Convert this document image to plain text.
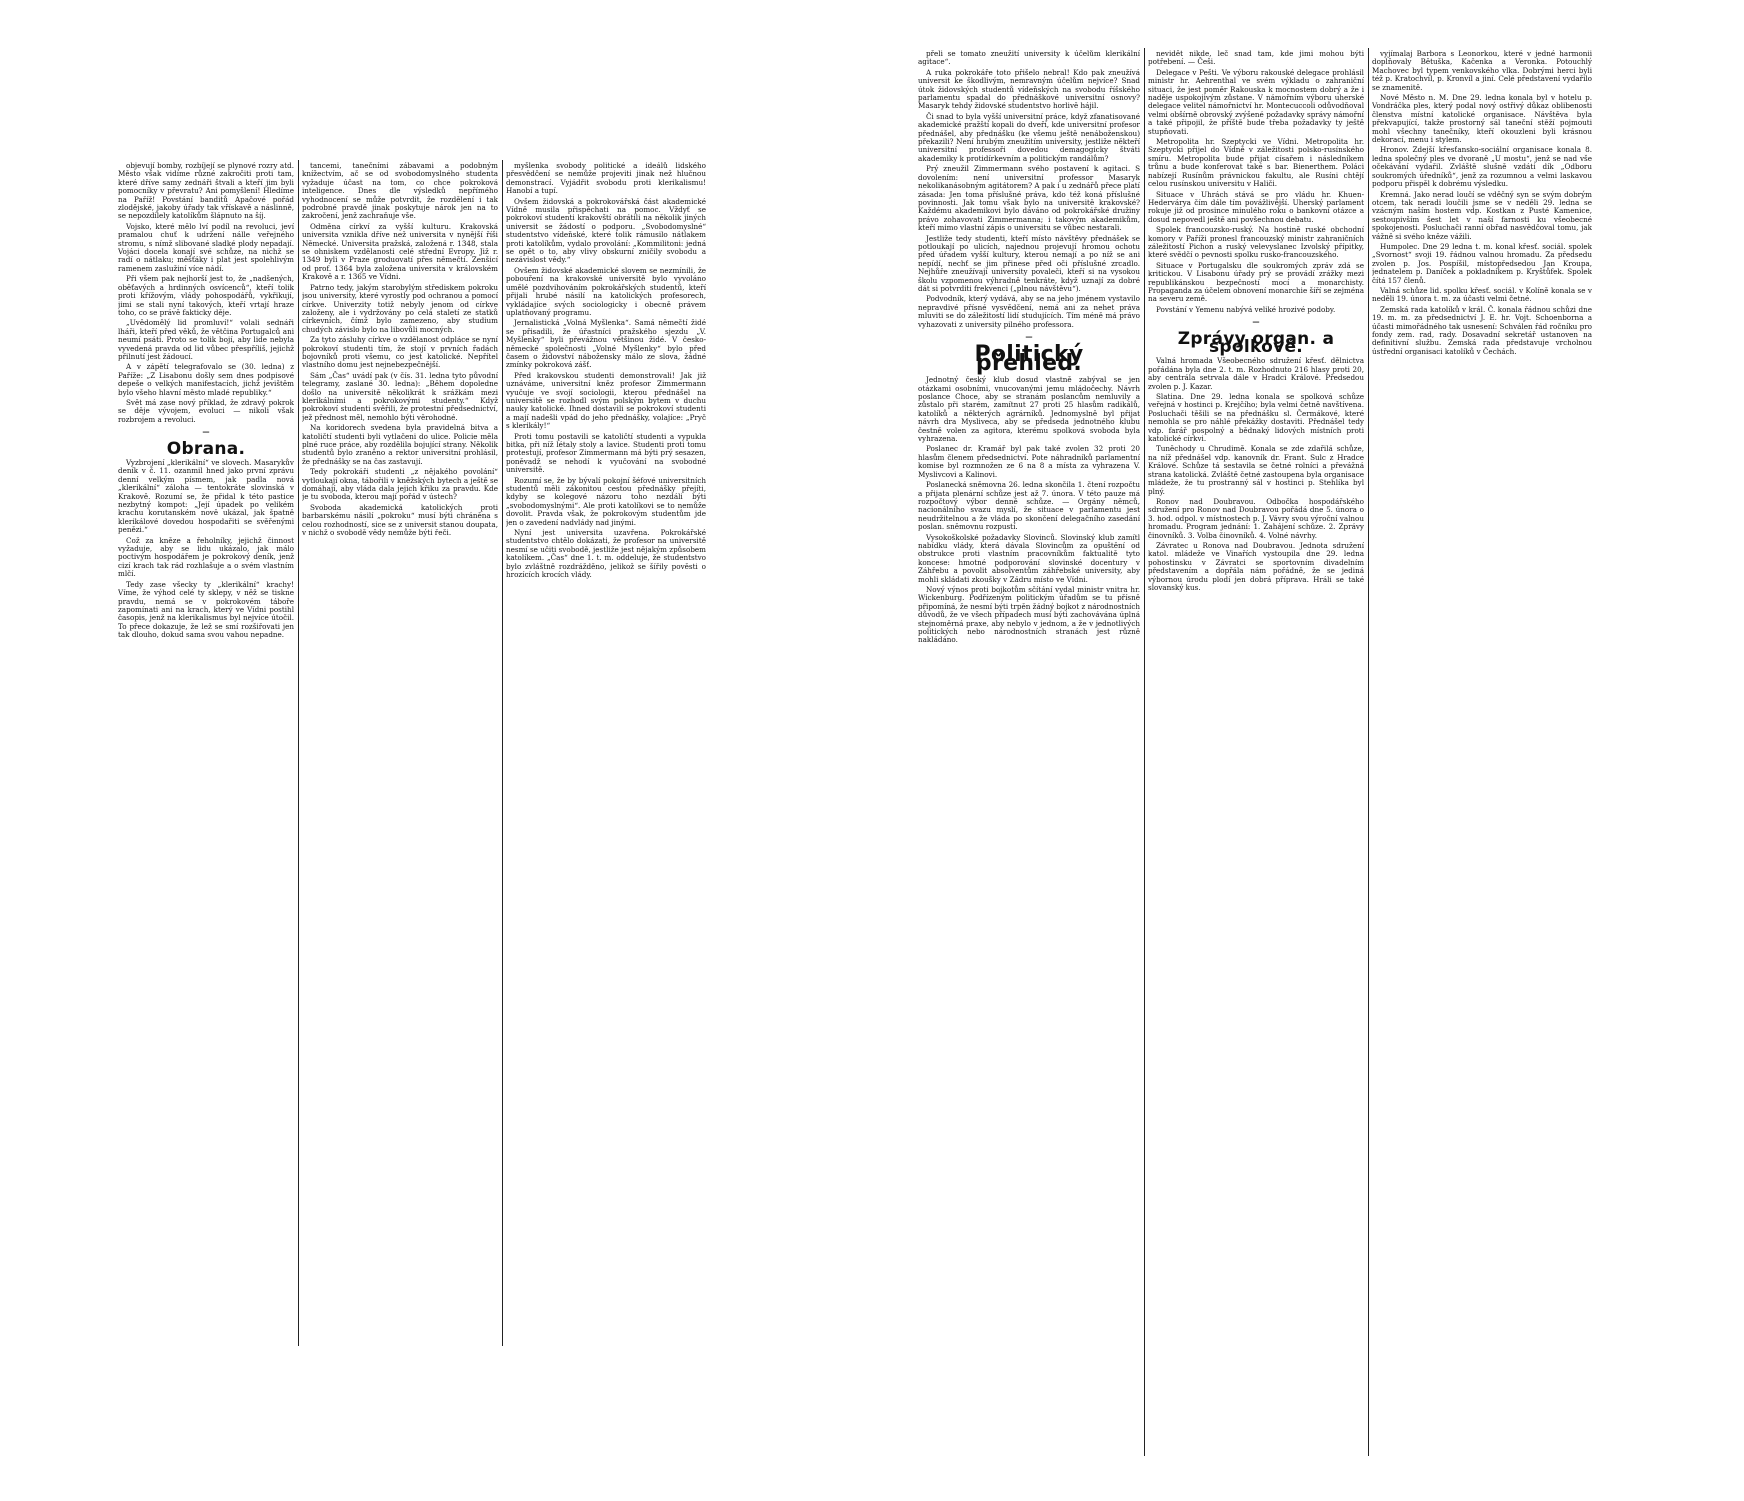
objevují bomby, rozbíjejí se plynové rozry atd. Město však vidíme různé zakročiti proti tam, které dříve samy zednáři štvali a kteří jim byli pomocníky v převratu? Ani pomyšlení! Hledíme na Paříž! Povstání banditů Apačové pořád zlodějské, jakoby úřady tak vřískavě a náslinně, se nepozdílely katolíkům šlápnuto na šíj.

Vojsko, které mělo lví podíl na revoluci, jeví pramalou chuť k udržení nálle veřejného stromu, s nímž slibované sladké plody nepadají. Vojáci docela konají své schůze, na nichž se radí o nátlaku; měšťáky i plat jest spolehlivým ramenem zaslužiní více nádí.

Při všem pak nejhorší jest to, že „nadšených, oběťavých a hrdinných osvícenců“, kteří tolik proti křížovým, vlády pohospodářů, vykřikují, jimi se stali nyní takových, kteří vrtají hraze toho, co se právě fakticky děje.

„Uvědomělý lid promluví!“ volali sednáři lháři, kteří před věků, že větčina Portugalců ani neumí psáti. Proto se tolik bojí, aby lide nebyla vyvedená pravda od lid vůbec přespříliš, jejichž přilnutí jest žádoucí.

A v zápětí telegrafovalo se (30. ledna) z Paříže: „Z Lisabonu došly sem dnes podpisové depeše o velkých manifestacích, jichž jevištěm bylo všeho hlavní město mladé republiky.“

Svět má zase nový příklad, že zdravý pokrok se děje vývojem, evoluci — nikoli však rozbrojem a revoluci.

—
Obrana.

Vyzbrojení „klerikální“ ve slovech. Masarykův deník v č. 11. ozanmil hned jako první zprávu denní velkým písmem, jak padla nová „klerikální“ záloha — tentokráte slovinská v Krakově. Rozumí se, že přidal k této pastice nezbytný kompot: „Její úpadek po velikém krachu korutanském nově ukázal, jak špatně klerikálové dovedou hospodařiti se svěřenými penězi.“

Což za kněze a řeholníky, jejichž činnost vyžaduje, aby se lidu ukázalo, jak málo poctivým hospodářem je pokrokový deník, jenž cizí krach tak rád rozhlašuje a o svém vlastním mlčí.

Tedy zase všecky ty „klerikální“ krachy! Víme, že výhod celé ty sklepy, v něž se tiskne pravdu, nemá se v pokrokovém táboře zapomínati ani na krach, který ve Vídni postihl časopis, jenž na klerikalismus byl nejvíce útočil. To přece dokazuje, že lež se smí rozšiřovati jen tak dlouho, dokud sama svou vahou nepadne.

tancemi, tanečními zábavami a podobným knížectvím, ač se od svobodomyslného studenta vyžaduje účast na tom, co chce pokroková inteligence. Dnes dle výsledků nepřímého vyhodnocení se může potvrdit, že rozdělení i tak podrobné pravdě jinak poskytuje nárok jen na to zakročení, jenž zachraňuje vše.

Odměna církví za vyšší kulturu. Krakovská universita vznikla dříve než universita v nynější říši Německé. Universita pražská, založená r. 1348, stala se ohniskem vzdělanosti celé střední Evropy. Již r. 1349 byli v Praze groduovatí přes němečtí. Zenšicí od prof. 1364 byla založena universita v královském Krakově a r. 1365 ve Vídni.

Patrno tedy, jakým starobylým střediskem pokroku jsou university, které vyrostly pod ochranou a pomocí církve. Univerzity totiž nebyly jenom od církve založeny, ale i vydržovány po celá staletí ze statků církevních, čímž bylo zamezeno, aby studium chudých závislo bylo na libovůli mocných.

Za tyto zásluhy církve o vzdělanost odpláce se nyní pokrokoví studenti tím, že stojí v prvních řadách bojovníků proti všemu, co jest katolické. Nepřítel vlastního domu jest nejnebezpečnější.

Sám „Čas“ uvádí pak (v čís. 31. ledna tyto původní telegramy, zaslané 30. ledna): „Během dopoledne došlo na universitě několikrát k srážkám mezi klerikálními a pokrokovými studenty.“ Když pokrokoví studenti svěřili, že protestní předsednictví, jež přednost měl, nemohlo býti věrohodné.

Na koridorech svedena byla pravidelná bitva a katoličtí studenti byli vytlačeni do ulice. Policie měla plné ruce práce, aby rozdělila bojující strany. Několik studentů bylo zraněno a rektor universitní prohlásil, že přednášky se na čas zastavují.

Tedy pokrokáři studenti „z nějakého povolání“ vytloukají okna, tábořili v kněžských bytech a ještě se domáhají, aby vláda dala jejich křiku za pravdu. Kde je tu svoboda, kterou mají pořád v ústech?

Svoboda akademická katolických proti barbarskému násilí „pokroku“ musí býti chráněna s celou rozhodností, sice se z universit stanou doupata, v nichž o svobodě vědy nemůže býti řeči.

myšlenka svobody politické a ideálů lidského přesvědčení se nemůže projeviti jinak než hlučnou demonstrací. Vyjádřit svobodu proti klerikalismu! Hanobí a tupí.

Ovšem židovská a pokrokovářská část akademické Vídně musila přispěchati na pomoc. Vždyť se pokrokoví studenti krakovští obrátili na několik jiných universit se žádostí o podporu. „Svobodomyslné“ studentstvo vídeňské, které tolik rámusilo nátlakem proti katolíkům, vydalo provolání: „Kommilitoni: jedná se opět o to, aby vlivy obskurní zničily svobodu a nezávislost vědy.“

Ovšem židovské akademické slovem se nezmínili, že pobouření na krakovské universitě bylo vyvoláno umělé pozdvihováním pokrokářských studentů, kteří přijali hrubé násilí na katolických profesorech, vykládajíce svých sociologicky i obecně právem uplatňovaný programu.

Jernalistická „Volná Myšlenka“. Samá němečtí židé se přisadili, že úřastníci pražského sjezdu „V. Myšlenky“ byli převážnou většinou židé. V česko-německé společnosti „Volné Myšlenky“ bylo před časem o židovství nábožensky málo ze slova, žádné zmínky pokroková zášť.

Před krakovskou studenti demonstrovali! Jak již uznáváme, universitní kněz profesor Zimmermann vyučuje ve svojí sociologii, kterou přednášel na universitě se rozhodl svým polským bytem v duchu nauky katolické. Ihned dostavili se pokrokoví studenti a mají nadešli vpád do jeho přednášky, volajíce: „Pryč s klerikály!“

Proti tomu postavili se katoličtí studenti a vypukla bitka, při níž létaly stoly a lavice. Studenti proti tomu protestují, profesor Zimmermann má býti prý sesazen, poněvadž se nehodí k vyučování na svobodné universitě.

Rozumí se, že by bývalí pokojní šéfové universitních studentů měli zákonitou cestou přednášky přejíti, kdyby se kolegové názoru toho nezdáli býti „svobodomyslnými“. Ale proti katolíkovi se to nemůže dovolit. Pravda však, že pokrokovým studentům jde jen o zavedení nadvlády nad jinými.

Nyní jest universita uzavřena. Pokrokářské studentstvo chtělo dokázati, že profesor na universitě nesmí se učiti svobodě, jestliže jest nějakým způsobem katolíkem. „Čas“ dne 1. t. m. oddeluje, že studentstvo bylo zvláštně rozdrážděno, jelikož se šířily pověsti o hrozících krocích vlády.

přeli se tomato zneužití university k účelům klerikální agitace“.

A ruka pokrokáře toto přišelo nebral! Kdo pak zneužívá universit ke škodlivým, nemravným účelům nejvíce? Snad útok židovských studentů vídeňských na svobodu říšského parlamentu spadal do přednáškové universitní osnovy? Masaryk tehdy židovské studentstvo horlivě hájil.

Či snad to byla vyšší universitní práce, když zfanatisované akademické pražští kopali do dveří, kde universitní profesor přednášel, aby přednášku (ke všemu ještě nenáboženskou) překazili? Není hrubým zneužitím university, jestliže někteří universitní professoři dovedou demagogicky štváti akademiky k protidírkevním a politickým randálům?

Prý zneužil Zimmermann svého postavení k agitaci. S dovolením: není universitní professor Masaryk nekolikanásobným agitátorem? A pak i u zednářů přece platí zásada: Jen toma příslušné práva, kdo též koná příslušné povinnosti. Jak tomu však bylo na universitě krakovské? Každému akademikovi bylo dáváno od pokrokářské družiny právo zohavovati Zimmermanna; i takovým akademikům, kteří mimo vlastní zápis o universitu se vůbec nestarali.

Jestliže tedy studenti, kteří místo návštěvy přednášek se potloukají po ulicích, najednou projevují hromou ochotu před úřadem vyšší kultury, kterou nemají a po níž se ani nepídí, nechť se jim přinese před oči příslušné zrcadlo. Nejhůře zneužívají university povaleči, kteří si na vysokou školu vzpomenou výhradně tenkráte, když uznají za dobré dát si potvrditi frekvenci („plnou návštěvu“).

Podvodník, který vydává, aby se na jeho jménem vystavilo nepravdivé přísné vysvědčení, nemá ani za nehet práva mluviti se do záležitostí lidí studujících. Tím méně má právo vyhazovati z university pilného professora.

—
Politický přehled.

Jednotný český klub dosud vlastně zabýval se jen otázkami osobními, vnucovanými jemu mládočechy. Návrh poslance Choce, aby se stranám poslancům nemluvily a zůstalo při starém, zamítnut 27 proti 25 hlasům radikálů, katolíků a některých agrárníků. Jednomyslně byl přijat návrh dra Mysliveca, aby se předseda jednotného klubu čestně volen za agitora, kterému spolková svoboda byla vyhrazena.

Poslanec dr. Kramář byl pak také zvolen 32 proti 20 hlasům členem předsednictví. Pote náhradníků parlamentní komise byl rozmnožen ze 6 na 8 a místa za vyhrazena V. Myslivcovi a Kalinovi.

Poslanecká sněmovna 26. ledna skončila 1. čtení rozpočtu a přijata plenární schůze jest až 7. února. V této pauze má rozpočtový výbor denně schůze. — Orgány němců, nacionálního svazu myslí, že situace v parlamentu jest neudržitelnou a že vláda po skončení delegačního zasedání poslan. sněmovnu rozpustí.

Vysokoškolské požadavky Slovinců. Slovinský klub zamítl nabídku vlády, která dávala Slovincům za opuštění od obstrukce proti vlastním pracovníkům faktualitě tyto koncese: hmotné podporování slovinské docentury v Záhřebu a povolit absolventům záhřebské university, aby mohli skládati zkoušky v Zádru místo ve Vídni.

Nový výnos proti bojkotům sčítání vydal ministr vnitra hr. Wickenburg. Podřízeným politickým úřadům se tu přísně připomíná, že nesmí býti trpěn žádný bojkot z národnostních důvodů, že ve všech případech musí býti zachovávána úplná stejnoměrná praxe, aby nebylo v jednom, a že v jednotlivých politických nebo národnostních stranách jest různě nakládáno.

nevidět nikde, leč snad tam, kde jimi mohou býti potřebení. — Češi.

Delegace v Pešti. Ve výboru rakouské delegace prohlásil ministr hr. Aehrenthal ve svém výkladu o zahraniční situaci, že jest poměr Rakouska k mocnostem dobrý a že i naděje uspokojivým zůstane. V námořním výboru uherské delegace velitel námořnictví hr. Montecuccoli odůvodňoval velmi obšírně obrovský zvýšené požadavky správy námořní a také připojil, že příště bude třeba požadavky ty ještě stupňovati.

Metropolita hr. Szeptycki ve Vídni. Metropolita hr. Szeptycki přijel do Vídně v záležitosti polsko-rusínského smíru. Metropolita bude přijat císařem i následníkem trůnu a bude konferovat také s bar. Bienerthem. Poláci nabízejí Rusínům právnickou fakultu, ale Rusíni chtějí celou rusínskou universitu v Haliči.

Situace v Uhrách stává se pro vládu hr. Khuen-Hedervárya čím dále tím povážlivější. Uherský parlament rokuje již od prosince minulého roku o bankovní otázce a dosud nepovedl ještě ani povšechnou debatu.

Spolek francouzsko-ruský. Na hostině ruské obchodní komory v Paříži pronesl francouzský ministr zahraničních záležitostí Pichon a ruský velevyslanec Izvolský přípitky, které svědčí o pevnosti spolku rusko-francouzského.

Situace v Portugalsku dle soukromých zpráv zdá se kritickou. V Lisabonu úřady prý se provádí zrážky mezi republikánskou bezpečností mocí a monarchisty. Propaganda za účelem obnovení monarchie šíří se zejména na severu země.

Povstání v Yemenu nabývá veliké hrozivé podoby.

—
Zprávy organ. a spolkové.

Valná hromada Všeobecného sdružení křesť. dělnictva pořádána byla dne 2. t. m. Rozhodnuto 216 hlasy proti 20, aby centrála setrvala dále v Hradci Králové. Předsedou zvolen p. J. Kazar.

Slatina. Dne 29. ledna konala se spolková schůze veřejná v hostinci p. Krejčího; byla velmi četně navštívena. Posluchači těšili se na přednášku sl. Čermákové, které nemohla se pro náhlé překážky dostaviti. Přednášel tedy vdp. farář pospolný a bědnaký lidových místních proti katolické církvi.

Tuněchody u Chrudimě. Konala se zde zdařilá schůze, na níž přednášel vdp. kanovník dr. Frant. Sulc z Hradce Králové. Schůze tá sestavila se četné rolníci a převážná strana katolická. Zvláště četné zastoupena byla organisace mládeže, že tu prostranný sál v hostinci p. Stehlíka byl plný.

Ronov nad Doubravou. Odbočka hospodářského sdružení pro Ronov nad Doubravou pořádá dne 5. února o 3. hod. odpol. v místnostech p. J. Vávry svou výroční valnou hromadu. Program jednání: 1. Zahájení schůze. 2. Zprávy činovníků. 3. Volba činovníků. 4. Volné návrhy.

Závratec u Ronova nad Doubravou. Jednota sdružení katol. mládeže ve Vinařích vystoupila dne 29. ledna pohostinsku v Závratci se sportovním divadelním představením a dopřála nám pořádně, že se jediná výbornou úrodu plodí jen dobrá příprava. Hráli se také slovanský kus.

vyjímalaj Barbora s Leonorkou, které v jedné harmonii doplňovaly Bětuška, Kačenka a Veronka. Potouchlý Machovec byl typem venkovského vlka. Dobrými herci byli též p. Kratochvíl, p. Kronvíl a jiní. Celé představení vydařilo se znamenitě.

Nové Město n. M. Dne 29. ledna konala byl v hotelu p. Vondráčka ples, který podal nový ostřivý důkaz oblibenosti členstva místní katolické organisace. Návštěva byla překvapující, takže prostorný sál taneční stěží pojmouti mohl všechny tanečníky, kteří okouzleni byli krásnou dekorací, menu i stylem.

Hronov. Zdejší křesťansko-sociální organisace konala 8. ledna společný ples ve dvoraně „U mostu“, jenž se nad vše očekávání vydařil. Zvláště slušně vzdáti dík „Odboru soukromých úředníků“, jenž za rozumnou a velmi laskavou podporu přispěl k dobrému výsledku.

Kremná. Jako nerad loučí se vděčný syn se svým dobrým otcem, tak neradi loučili jsme se v neděli 29. ledna se vzácným naším hostem vdp. Kostkan z Pusté Kamenice, sestoupivším šest let v naší farnosti ku všeobecné spokojenosti. Posluchači ranní obřad nasvědčoval tomu, jak vážně si svého kněze vážili.

Humpolec. Dne 29 ledna t. m. konal křesť. sociál. spolek „Svornost“ svoji 19. řádnou valnou hromadu. Za předsedu zvolen p. Jos. Pospíšil, místopředsedou Jan Kroupa, jednatelem p. Daníček a pokladníkem p. Kryštůfek. Spolek čítá 157 členů.

Valná schůze lid. spolku křesť. sociál. v Kolíně konala se v neděli 19. února t. m. za účasti velmi četné.

Zemská rada katolíků v král. Č. konala řádnou schůzi dne 19. m. m. za předsednictví J. E. hr. Vojt. Schoenborna a účasti mimořádného tak usnesení: Schválen řád ročníku pro fondy zem. rad, rady. Dosavadní sekretář ustanoven na definitivní službu. Zemská rada představuje vrcholnou ústřední organisaci katolíků v Čechách.
